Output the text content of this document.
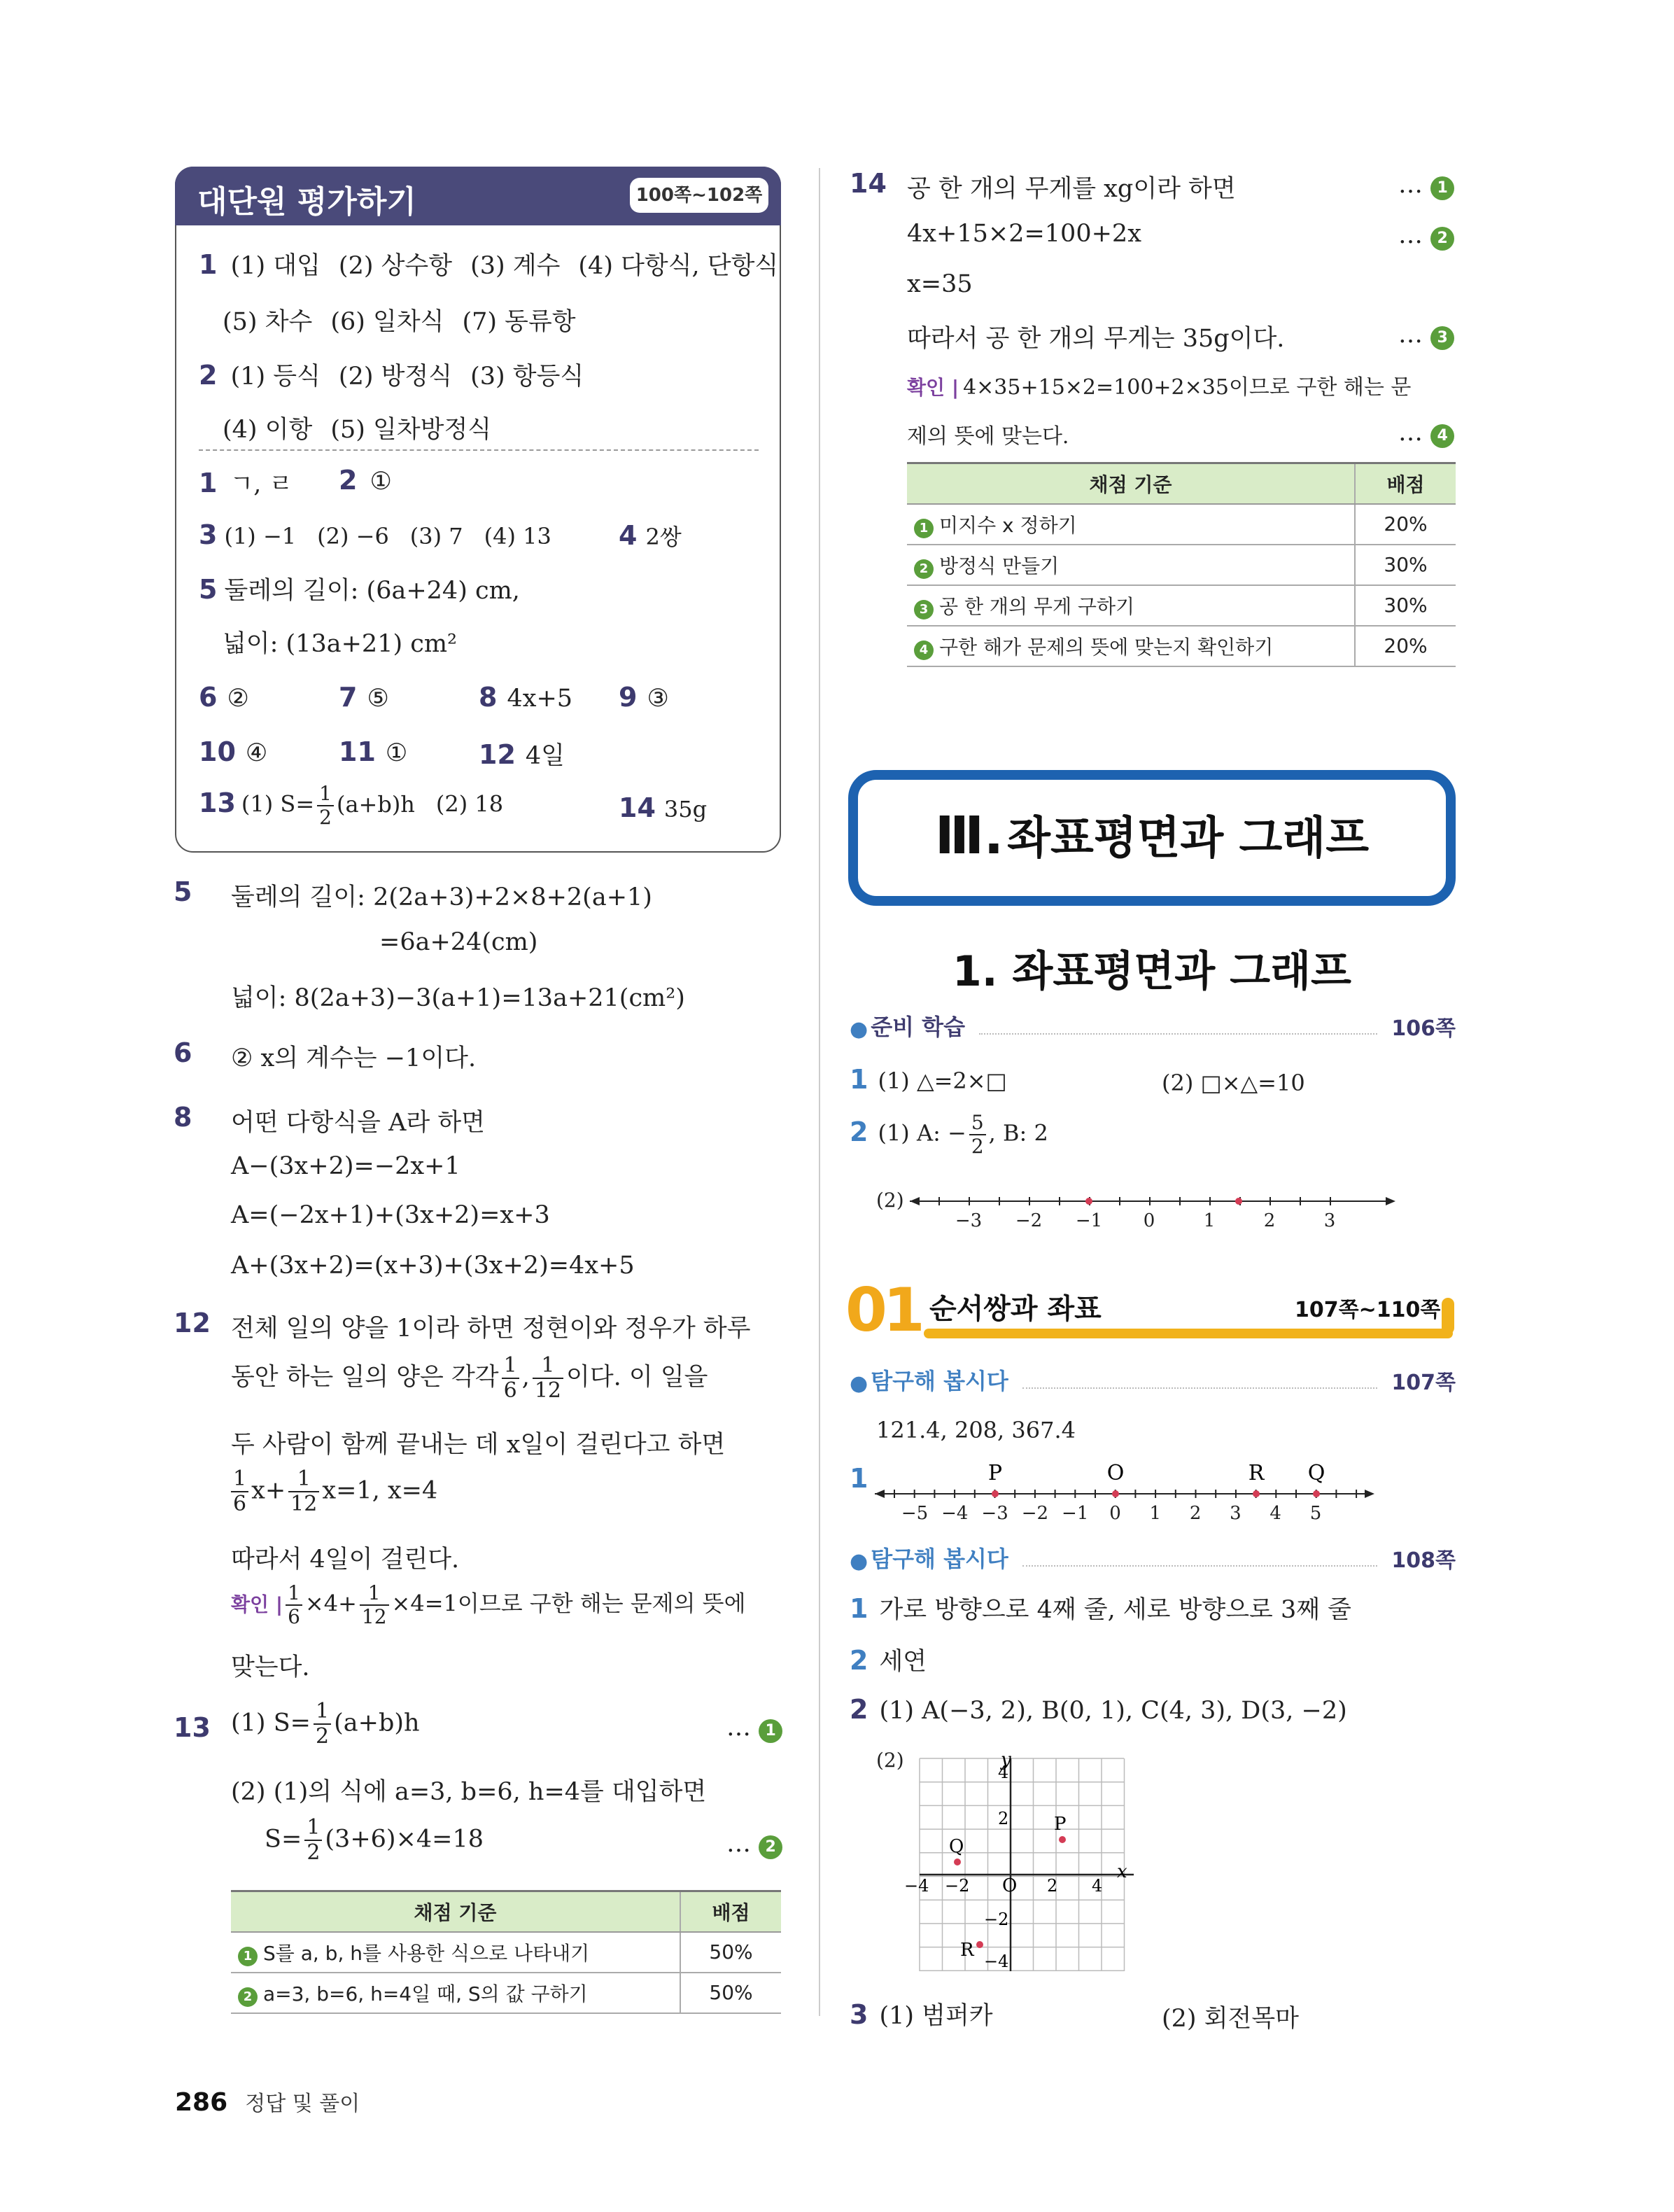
대단원 평가하기	100쪽~102쪽
1 (1) 대입 (2) 상수항 (3) 계수 (4) 다항식, 단항식
(5) 차수 (6) 일차식 (7) 동류항
2 (1) 등식 (2) 방정식 (3) 항등식
(4) 이항 (5) 일차방정식
1 ㄱ, ㄹ 2 ①
3 (1) −1 (2) −6 (3) 7 (4) 13	4 2쌍
5 둘레의 길이: (6a+24) cm,
넓이: (13a+21) cm²
6 ②	7 ⑤	8 4x+5 9 ③
10 ④	11 ①	12 4일
13 (1) $S= \frac{1}{2} (a+b)h$ (2) 18	14 35g
5 둘레의 길이: 2(2a+3)+2×8+2(a+1)
=6a+24(cm)
넓이: 8(2a+3)−3(a+1)=13a+21(cm²)
6 ② x의 계수는 −1이다.
8 어떤 다항식을 A라 하면
A−(3x+2)=−2x+1
A=(−2x+1)+(3x+2)=x+3
A+(3x+2)=(x+3)+(3x+2)=4x+5
12 전체 일의 양을 1이라 하면 정현이와 정우가 하루
동안 하는 일의 양은 각각 $\frac{1}{6}$ , $\frac{1}{12}$ 이다. 이 일을
두 사람이 함께 끝내는 데 x일이 걸린다고 하면
$\frac{1}{6} x+ \frac{1}{12} x=1$, x=4
따라서 4일이 걸린다.
확인 | $\frac{1}{6} \times 4+ \frac{1}{12} \times 4=1$이므로 구한 해는 문제의 뜻에
맞는다.
13 (1) $S= \frac{1}{2} (a+b)h$	… 1
(2) (1)의 식에 a=3, b=6, h=4를 대입하면
$S= \frac{1}{2} (3+6)\times 4=18$	… 2
채점 기준	배점
1 S를 a, b, h를 사용한 식으로 나타내기	50%
2 a=3, b=6, h=4일 때, S의 값 구하기	50%
14 공 한 개의 무게를 xg이라 하면
4x+15×2=100+2x
x=35
따라서 공 한 개의 무게는 35g이다.
확인 | 4×35+15×2=100+2×35이므로 구한 해는 문
제의 뜻에 맞는다.
… 1
… 2
… 3
… 4
채점 기준	배점
1 미지수 x 정하기	20%
2 방정식 만들기	30%
3 공 한 개의 무게 구하기	30%
4 구한 해가 문제의 뜻에 맞는지 확인하기	20%
Ⅲ. 좌표평면과 그래프
1. 좌표평면과 그래프
● 준비 학습	106쪽
1 (1) △=2×□	(2) □×△=10
2 (1) A: − $\frac{5}{2}$ , B: 2
(2)
−3 −2 −1 0	1	2	3
01 순서쌍과 좌표	107쪽~110쪽
● 탐구해 봅시다	107쪽
121.4, 208, 367.4
1	P	O	R Q
−5 −4 −3 −2 −1 0 1 2 3 4 5
● 탐구해 봅시다	108쪽
1 가로 방향으로 4째 줄, 세로 방향으로 3째 줄
2 세연
2 (1) A(−3, 2), B(0, 1), C(4, 3), D(3, −2)
(2)	y
x
O
4
2
−2
−4
−4 −2	2 4
P
Q
R
3 (1) 범퍼카	(2) 회전목마
286 정답 및 풀이
